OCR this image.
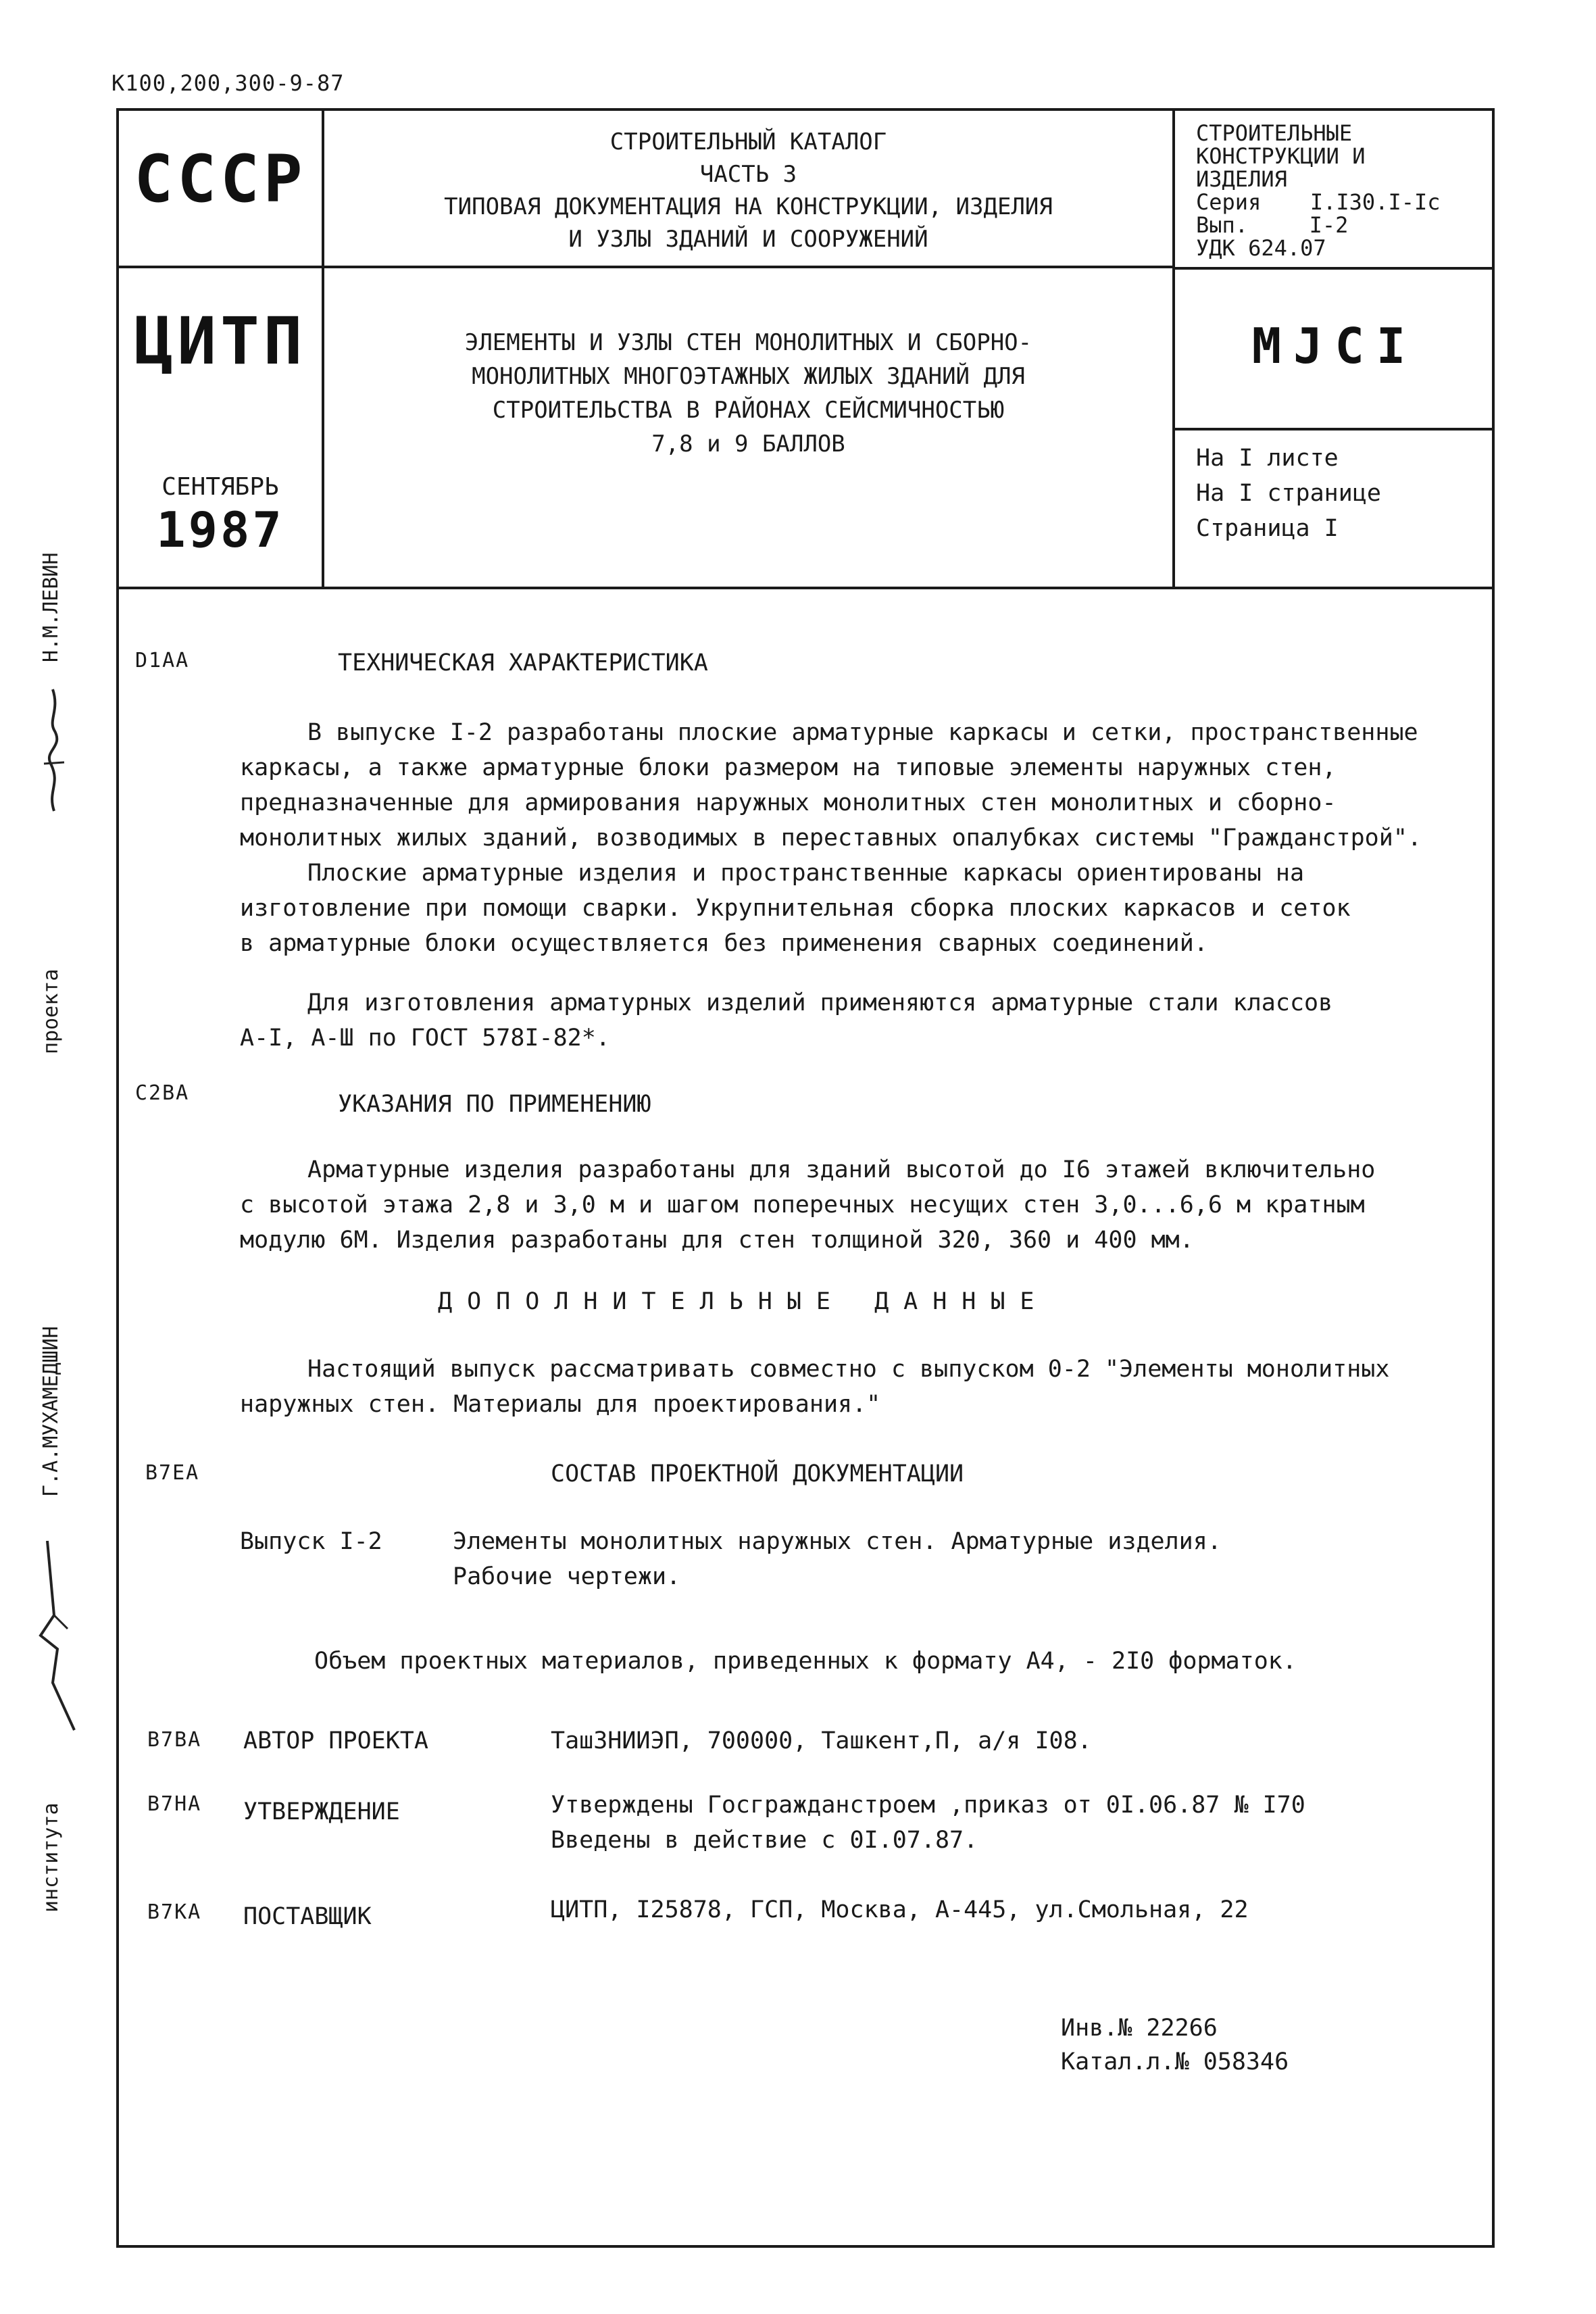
K100,200,300-9-87
СССР
ЦИТП
СЕНТЯБРЬ
1987
СТРОИТЕЛЬНЫЙ КАТАЛОГ
ЧАСТЬ 3
ТИПОВАЯ ДОКУМЕНТАЦИЯ НА КОНСТРУКЦИИ, ИЗДЕЛИЯ
И УЗЛЫ ЗДАНИЙ И СООРУЖЕНИЙ
ЭЛЕМЕНТЫ И УЗЛЫ СТЕН МОНОЛИТНЫХ И СБОРНО-
МОНОЛИТНЫХ МНОГОЭТАЖНЫХ ЖИЛЫХ ЗДАНИЙ ДЛЯ
СТРОИТЕЛЬСТВА В РАЙОНАХ СЕЙСМИЧНОСТЬЮ
7,8 и 9 БАЛЛОВ
СТРОИТЕЛЬНЫЕ
КОНСТРУКЦИИ И
ИЗДЕЛИЯ
Серия I.I30.I-Ic
Вып.	I-2
УДК 624.07
MJCI
На I листе
На I странице
Страница I
Н.М.ЛЕВИН
проекта
Г.А.МУХАМЕДШИН
института
D1AA	ТЕХНИЧЕСКАЯ ХАРАКТЕРИСТИКА
В выпуске I-2 разработаны плоские арматурные каркасы и сетки, пространственные
каркасы, а также арматурные блоки размером на типовые элементы наружных стен,
предназначенные для армирования наружных монолитных стен монолитных и сборно-
монолитных жилых зданий, возводимых в переставных опалубках системы "Гражданстрой".
Плоские арматурные изделия и пространственные каркасы ориентированы на
изготовление при помощи сварки. Укрупнительная сборка плоских каркасов и сеток
в арматурные блоки осуществляется без применения сварных соединений.
Для изготовления арматурных изделий применяются арматурные стали классов
А-I, А-Ш по ГОСТ 578I-82*.
C2BA	УКАЗАНИЯ ПО ПРИМЕНЕНИЮ
Арматурные изделия разработаны для зданий высотой до I6 этажей включительно
с высотой этажа 2,8 и 3,0 м и шагом поперечных несущих стен 3,0...6,6 м кратным
модулю 6М. Изделия разработаны для стен толщиной 320, 360 и 400 мм.
ДОПОЛНИТЕЛЬНЫЕ ДАННЫЕ
Настоящий выпуск рассматривать совместно с выпуском 0-2 "Элементы монолитных
наружных стен. Материалы для проектирования."
B7EA	СОСТАВ ПРОЕКТНОЙ ДОКУМЕНТАЦИИ
Выпуск I-2	Элементы монолитных наружных стен. Арматурные изделия.
Рабочие чертежи.
Объем проектных материалов, приведенных к формату А4, - 2I0 форматок.
B7BA АВТОР ПРОЕКТА	ТашЗНИИЭП, 700000, Ташкент,П, а/я I08.
B7HA УТВЕРЖДЕНИЕ	Утверждены Госгражданстроем ,приказ от 0I.06.87 № I70
Введены в действие с 0I.07.87.
B7KA ПОСТАВЩИК	ЦИТП, I25878, ГСП, Москва, А-445, ул.Смольная, 22
Инв.№ 22266
Катал.л.№ 058346
